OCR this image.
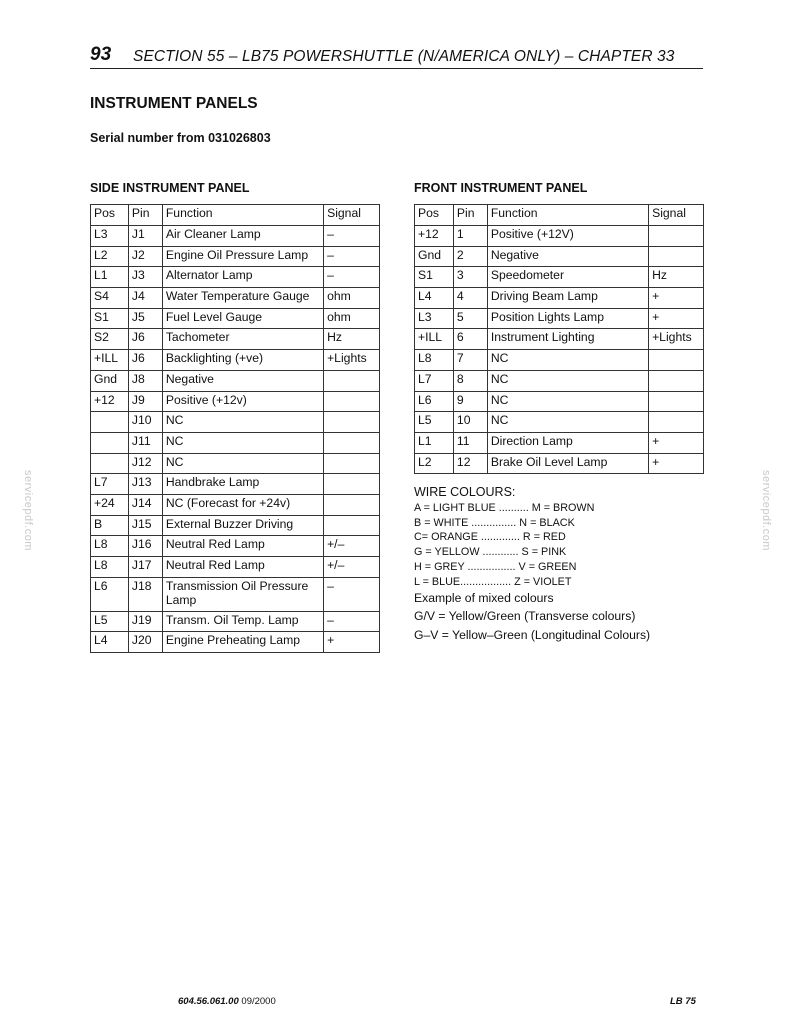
93 SECTION 55 – LB75 POWERSHUTTLE (N/AMERICA ONLY) – CHAPTER 33
INSTRUMENT PANELS
Serial number from 031026803
SIDE INSTRUMENT PANEL	FRONT INSTRUMENT PANEL
Pos	Pin	Function	Signal
L3	J1	Air Cleaner Lamp	–
L2	J2	Engine Oil Pressure Lamp	–
L1	J3	Alternator Lamp	–
S4	J4	Water Temperature Gauge	ohm
S1	J5	Fuel Level Gauge	ohm
S2	J6	Tachometer	Hz
+ILL	J6	Backlighting (+ve)	+Lights
Gnd	J8	Negative	
+12	J9	Positive (+12v)	
	J10	NC	
	J11	NC	
	J12	NC	
L7	J13	Handbrake Lamp	
+24	J14	NC (Forecast for +24v)	
B	J15	External Buzzer Driving	
L8	J16	Neutral Red Lamp	+/–
L8	J17	Neutral Red Lamp	+/–
L6	J18	Transmission Oil Pressure Lamp	–
L5	J19	Transm. Oil Temp. Lamp	–
L4	J20	Engine Preheating Lamp	+
Pos	Pin	Function	Signal
+12	1	Positive (+12V)	
Gnd	2	Negative	
S1	3	Speedometer	Hz
L4	4	Driving Beam Lamp	+
L3	5	Position Lights Lamp	+
+ILL	6	Instrument Lighting	+Lights
L8	7	NC	
L7	8	NC	
L6	9	NC	
L5	10	NC	
L1	11	Direction Lamp	+
L2	12	Brake Oil Level Lamp	+
WIRE COLOURS:
A = LIGHT BLUE .......... M = BROWN
B = WHITE ............... N = BLACK
C= ORANGE ............. R = RED
G = YELLOW ............ S = PINK
H = GREY ................ V = GREEN
L = BLUE................. Z = VIOLET
Example of mixed colours
G/V = Yellow/Green (Transverse colours)
G–V = Yellow–Green (Longitudinal Colours)
servicepdf.com	servicepdf.com
604.56.061.00 09/2000	LB 75
